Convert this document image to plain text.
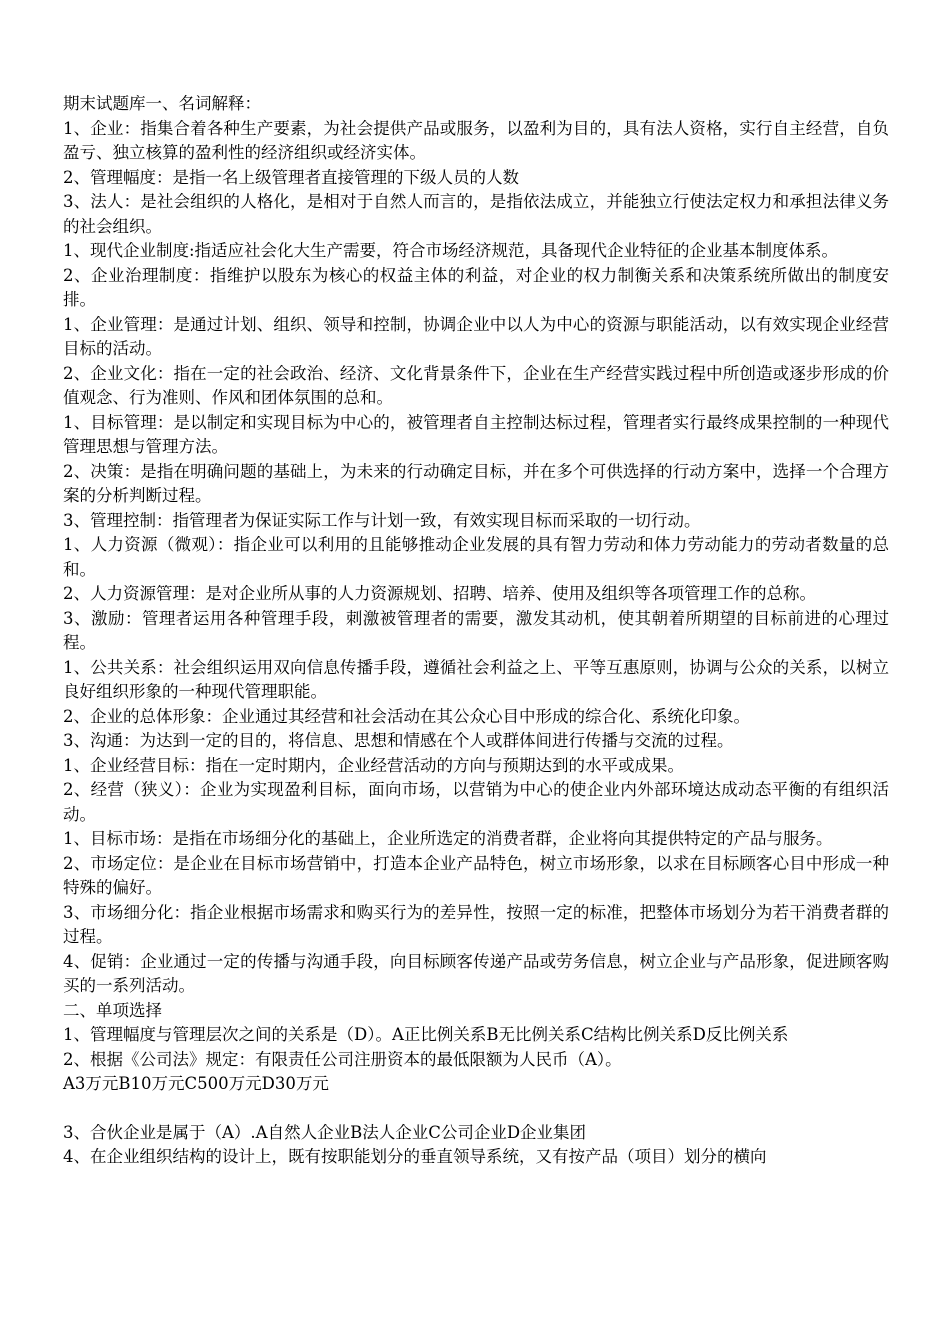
期末试题库一、名词解释：

1、企业：指集合着各种生产要素，为社会提供产品或服务，以盈利为目的，具有法人资格，实行自主经营，自负盈亏、独立核算的盈利性的经济组织或经济实体。

2、管理幅度：是指一名上级管理者直接管理的下级人员的人数

3、法人：是社会组织的人格化，是相对于自然人而言的，是指依法成立，并能独立行使法定权力和承担法律义务的社会组织。

1、现代企业制度:指适应社会化大生产需要，符合市场经济规范，具备现代企业特征的企业基本制度体系。

2、企业治理制度：指维护以股东为核心的权益主体的利益，对企业的权力制衡关系和决策系统所做出的制度安排。

1、企业管理：是通过计划、组织、领导和控制，协调企业中以人为中心的资源与职能活动，以有效实现企业经营目标的活动。

2、企业文化：指在一定的社会政治、经济、文化背景条件下，企业在生产经营实践过程中所创造或逐步形成的价值观念、行为准则、作风和团体氛围的总和。

1、目标管理：是以制定和实现目标为中心的，被管理者自主控制达标过程，管理者实行最终成果控制的一种现代管理思想与管理方法。

2、决策：是指在明确问题的基础上，为未来的行动确定目标，并在多个可供选择的行动方案中，选择一个合理方案的分析判断过程。

3、管理控制：指管理者为保证实际工作与计划一致，有效实现目标而采取的一切行动。

1、人力资源（微观）：指企业可以利用的且能够推动企业发展的具有智力劳动和体力劳动能力的劳动者数量的总和。

2、人力资源管理：是对企业所从事的人力资源规划、招聘、培养、使用及组织等各项管理工作的总称。

3、激励：管理者运用各种管理手段，刺激被管理者的需要，激发其动机，使其朝着所期望的目标前进的心理过程。

1、公共关系：社会组织运用双向信息传播手段，遵循社会利益之上、平等互惠原则，协调与公众的关系，以树立良好组织形象的一种现代管理职能。

2、企业的总体形象：企业通过其经营和社会活动在其公众心目中形成的综合化、系统化印象。

3、沟通：为达到一定的目的，将信息、思想和情感在个人或群体间进行传播与交流的过程。

1、企业经营目标：指在一定时期内，企业经营活动的方向与预期达到的水平或成果。

2、经营（狭义）：企业为实现盈利目标，面向市场，以营销为中心的使企业内外部环境达成动态平衡的有组织活动。

1、目标市场：是指在市场细分化的基础上，企业所选定的消费者群，企业将向其提供特定的产品与服务。

2、市场定位：是企业在目标市场营销中，打造本企业产品特色，树立市场形象，以求在目标顾客心目中形成一种特殊的偏好。

3、市场细分化：指企业根据市场需求和购买行为的差异性，按照一定的标准，把整体市场划分为若干消费者群的过程。

4、促销：企业通过一定的传播与沟通手段，向目标顾客传递产品或劳务信息，树立企业与产品形象，促进顾客购买的一系列活动。

二、单项选择

1、管理幅度与管理层次之间的关系是（D）。A正比例关系B无比例关系C结构比例关系D反比例关系

2、根据《公司法》规定：有限责任公司注册资本的最低限额为人民币（A）。

A3万元B10万元C500万元D30万元

3、合伙企业是属于（A）.A自然人企业B法人企业C公司企业D企业集团

4、在企业组织结构的设计上，既有按职能划分的垂直领导系统，又有按产品（项目）划分的横向
